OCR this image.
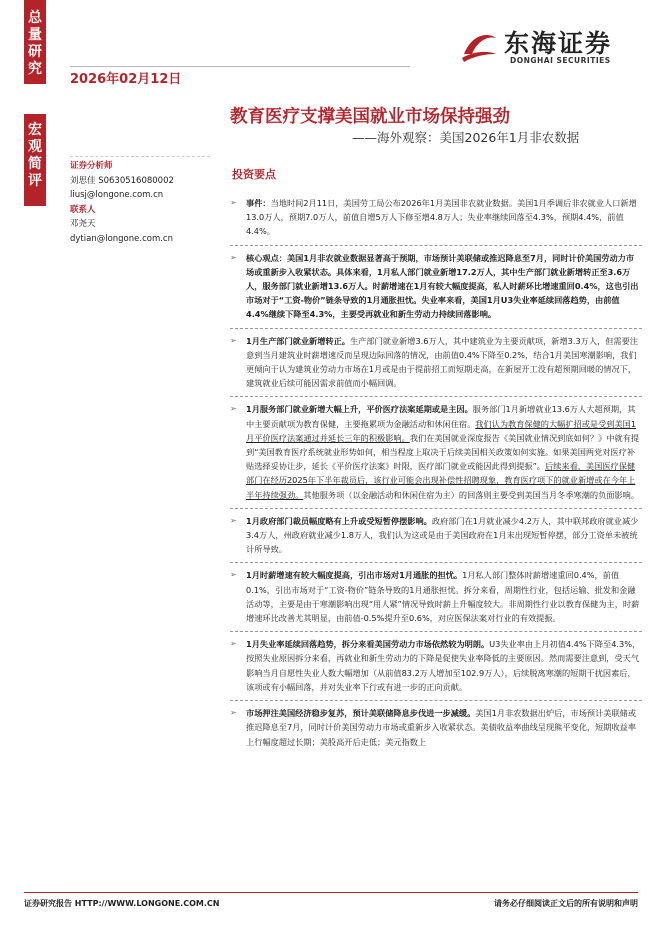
总量研究
宏观简评
2026年02月12日
东海证券
DONGHAI SECURITIES
教育医疗支撑美国就业市场保持强劲
——海外观察：美国2026年1月非农数据
证券分析师
刘思佳 S0630516080002
liusj@longone.com.cn
联系人
邓尧天
dytian@longone.com.cn
投资要点

➢ 事件：当地时间2月11日，美国劳工局公布2026年1月美国非农就业数据。美国1月季调后非农就业人口新增13.0万人，预期7.0万人，前值自增5万人下修至增4.8万人；失业率继续回落至4.3%，预期4.4%，前值4.4%。

➢ 核心观点：美国1月非农就业数据显著高于预期，市场预计美联储或推迟降息至7月，同时计价美国劳动力市场或重新步入收紧状态。具体来看，1月私人部门就业新增17.2万人，其中生产部门就业新增转正至3.6万人，服务部门就业新增13.6万人。时薪增速在1月有较大幅度提高，私人时薪环比增速重回0.4%，这也引出市场对于“工资-物价”链条导致的1月通胀担忧。失业率来看，美国1月U3失业率延续回落趋势，由前值4.4%继续下降至4.3%，主要受再就业和新生劳动力持续回落影响。

➢ 1月生产部门就业新增转正。生产部门就业新增3.6万人，其中建筑业为主要贡献项，新增3.3万人，但需要注意到当月建筑业时薪增速反而呈现边际回落的情况，由前值0.4%下降至0.2%，结合1月美国寒潮影响，我们更倾向于认为建筑业劳动力市场在1月或是由于提前招工而短期走高，在新屋开工没有超预期回暖的情况下，建筑就业后续可能因需求前值而小幅回调。

➢ 1月服务部门就业新增大幅上升，平价医疗法案延期或是主因。服务部门1月新增就业13.6万人大超预期，其中主要贡献项为教育保健，主要拖累项为金融活动和休闲住宿。我们认为教育保健的大幅扩招或是受到美国1月平价医疗法案通过并延长三年的积极影响。我们在美国就业深度报告《美国就业情况到底如何？》中就有提到“美国教育医疗系统就业形势如何，相当程度上取决于后续美国相关政策如何实施。如果美国两党对医疗补贴选择妥协让步，延长《平价医疗法案》时限，医疗部门就业或能因此得到提振”。后续来看，美国医疗保健部门在经历2025年下半年裁员后，该行业可能会出现补偿性招聘现象，教育医疗项下的就业新增或在今年上半年持续强劲。其他服务项（以金融活动和休闲住宿为主）的回落则主要受到美国当月冬季寒潮的负面影响。

➢ 1月政府部门裁员幅度略有上升或受短暂停摆影响。政府部门在1月就业减少4.2万人，其中联邦政府就业减少3.4万人，州政府就业减少1.8万人，我们认为这或是由于美国政府在1月末出现短暂停摆，部分工资单未被统计所导致。

➢ 1月时薪增速有较大幅度提高，引出市场对1月通胀的担忧。1月私人部门整体时薪增速重回0.4%，前值0.1%，引出市场对于“工资-物价”链条导致的1月通胀担忧。拆分来看，周期性行业，包括运输、批发和金融活动等，主要是由于寒潮影响出现“用人紧”情况导致时薪上升幅度较大。非周期性行业以教育保健为主，时薪增速环比改善尤其明显，由前值-0.5%提升至0.6%，对应医保法案对行业的有效提振。

➢ 1月失业率延续回落趋势，拆分来看美国劳动力市场依然较为明朗。U3失业率由上月初值4.4%下降至4.3%，按照失业原因拆分来看，再就业和新生劳动力的下降是促使失业率降低的主要原因。然而需要注意到，受天气影响当月自愿性失业人数大幅增加（从前值83.2万人增加至102.9万人），后续脱离寒潮的短期干扰因素后，该项或有小幅回落，并对失业率下行或有进一步的正向贡献。

➢ 市场押注美国经济稳步复苏，预计美联储降息步伐进一步减缓。美国1月非农数据出炉后，市场预计美联储或推迟降息至7月，同时计价美国劳动力市场或重新步入收紧状态。美债收益率曲线呈现熊平变化，短期收益率上行幅度超过长期；美股高开后走低；美元指数上

证券研究报告 HTTP://WWW.LONGONE.COM.CN	请务必仔细阅读正文后的所有说明和声明
